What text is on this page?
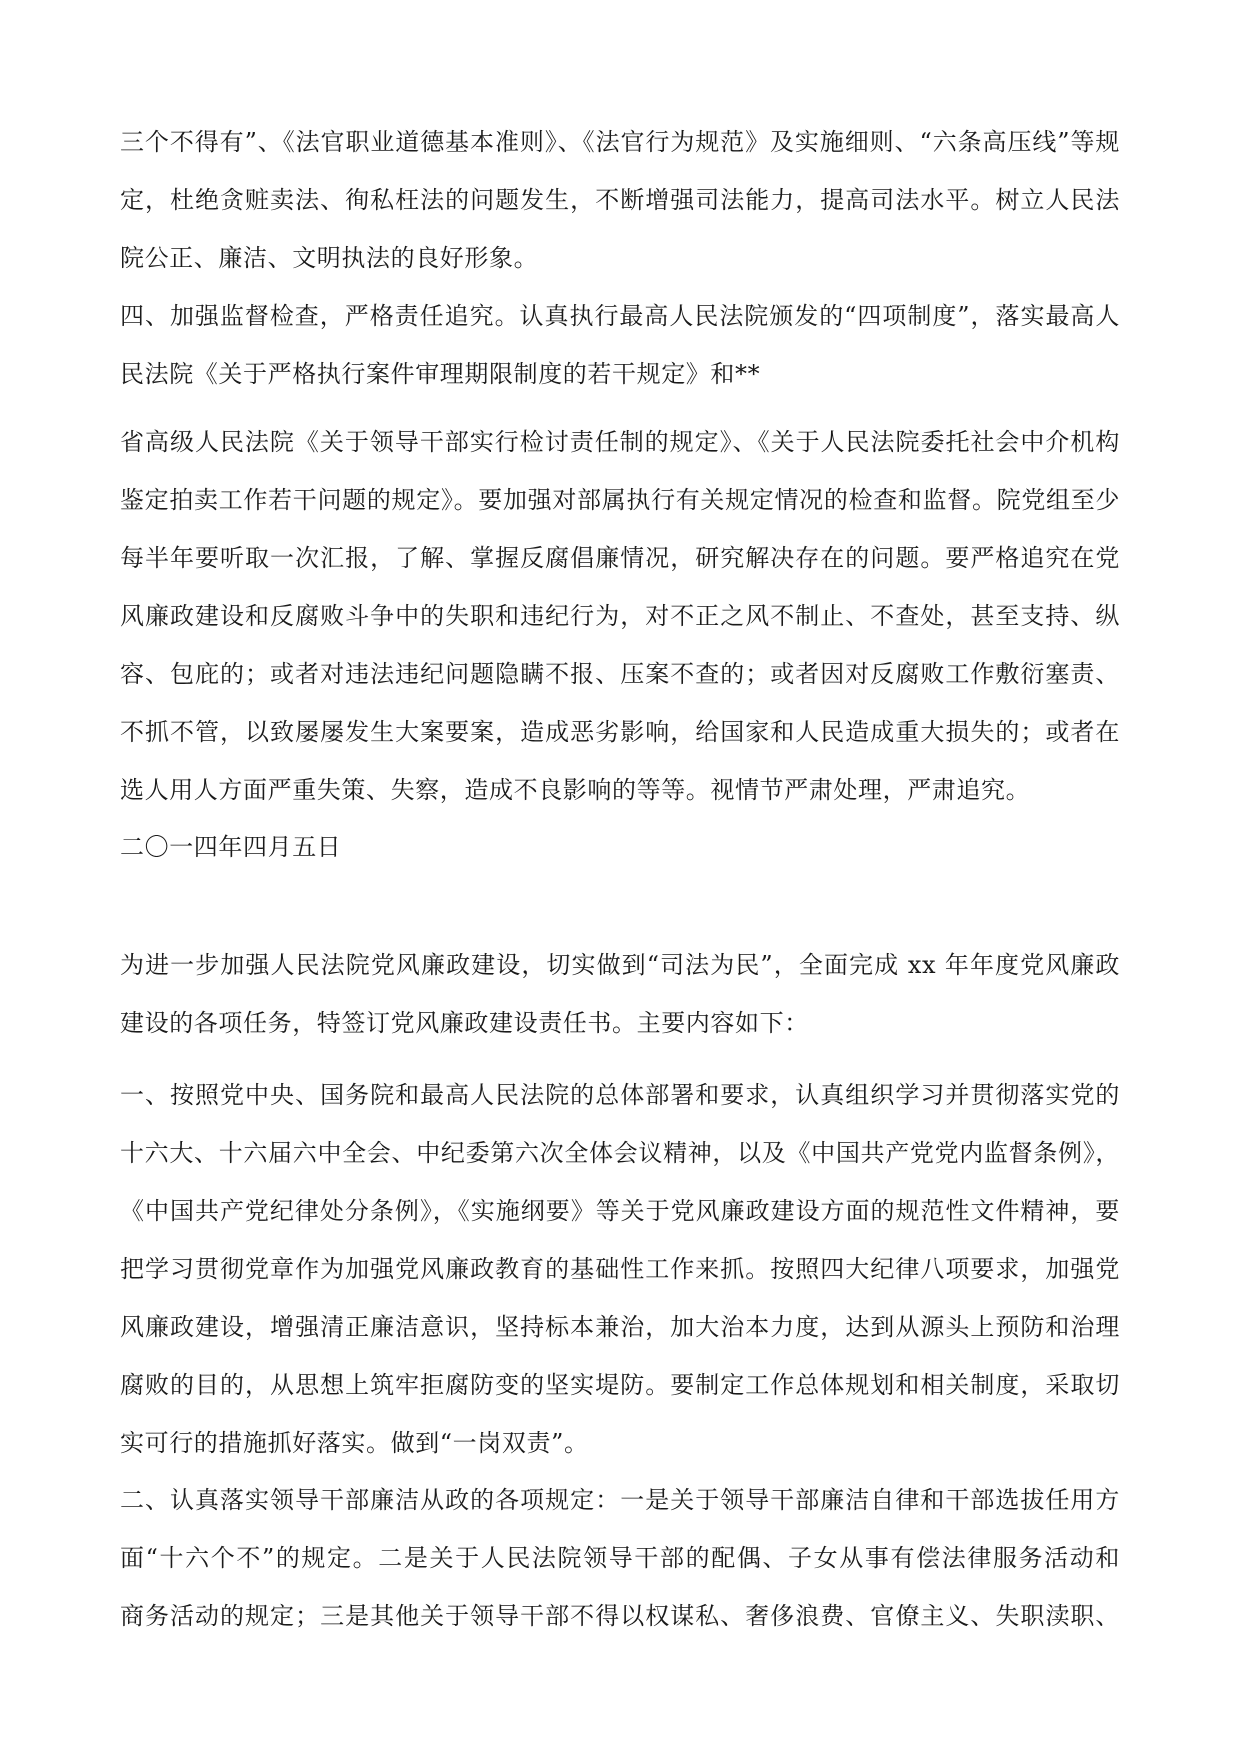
三个不得有”、《法官职业道德基本准则》、《法官行为规范》及实施细则、“六条高压线”等规
定，杜绝贪赃卖法、徇私枉法的问题发生，不断增强司法能力，提高司法水平。树立人民法
院公正、廉洁、文明执法的良好形象。
四、加强监督检查，严格责任追究。认真执行最高人民法院颁发的“四项制度”，落实最高人
民法院《关于严格执行案件审理期限制度的若干规定》和**
省高级人民法院《关于领导干部实行检讨责任制的规定》、《关于人民法院委托社会中介机构
鉴定拍卖工作若干问题的规定》。要加强对部属执行有关规定情况的检查和监督。院党组至少
每半年要听取一次汇报，了解、掌握反腐倡廉情况，研究解决存在的问题。要严格追究在党
风廉政建设和反腐败斗争中的失职和违纪行为，对不正之风不制止、不查处，甚至支持、纵
容、包庇的；或者对违法违纪问题隐瞒不报、压案不查的；或者因对反腐败工作敷衍塞责、
不抓不管，以致屡屡发生大案要案，造成恶劣影响，给国家和人民造成重大损失的；或者在
选人用人方面严重失策、失察，造成不良影响的等等。视情节严肃处理，严肃追究。
二〇一四年四月五日
为进一步加强人民法院党风廉政建设，切实做到“司法为民”，全面完成 xx 年年度党风廉政
建设的各项任务，特签订党风廉政建设责任书。主要内容如下：
一、按照党中央、国务院和最高人民法院的总体部署和要求，认真组织学习并贯彻落实党的
十六大、十六届六中全会、中纪委第六次全体会议精神，以及《中国共产党党内监督条例》，
《中国共产党纪律处分条例》，《实施纲要》等关于党风廉政建设方面的规范性文件精神，要
把学习贯彻党章作为加强党风廉政教育的基础性工作来抓。按照四大纪律八项要求，加强党
风廉政建设，增强清正廉洁意识，坚持标本兼治，加大治本力度，达到从源头上预防和治理
腐败的目的，从思想上筑牢拒腐防变的坚实堤防。要制定工作总体规划和相关制度，采取切
实可行的措施抓好落实。做到“一岗双责”。
二、认真落实领导干部廉洁从政的各项规定：一是关于领导干部廉洁自律和干部选拔任用方
面“十六个不”的规定。二是关于人民法院领导干部的配偶、子女从事有偿法律服务活动和
商务活动的规定；三是其他关于领导干部不得以权谋私、奢侈浪费、官僚主义、失职渎职、
